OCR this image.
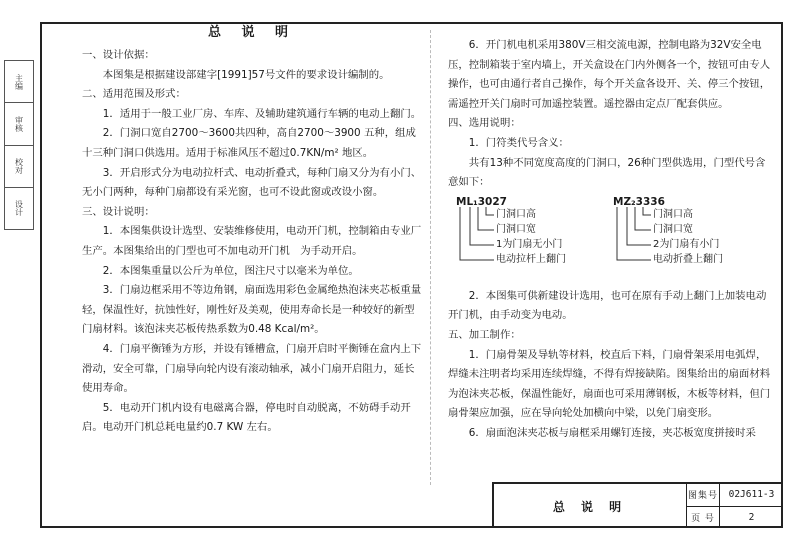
主编
审核
校对
设计
总 说 明

一、设计依据：

本图集是根据建设部建字[1991]57号文件的要求设计编制的。

二、适用范围及形式：

1．适用于一般工业厂房、车库、及辅助建筑通行车辆的电动上翻门。

2．门洞口宽自2700～3600共四种，高自2700～3900 五种，组成十三种门洞口供选用。适用于标准风压不超过0.7KN/m² 地区。

3．开启形式分为电动拉杆式、电动折叠式，每种门扇又分为有小门、无小门两种，每种门扇都设有采光窗，也可不设此窗或改设小窗。

三、设计说明：

1．本图集供设计选型、安装维修使用，电动开门机，控制箱由专业厂生产。本图集给出的门型也可不加电动开门机　为手动开启。

2．本图集重量以公斤为单位，图注尺寸以毫米为单位。

3．门扇边框采用不等边角钢，扇面选用彩色金属绝热泡沫夹芯板重量轻，保温性好，抗蚀性好，刚性好及美观，使用寿命长是一种较好的新型门扇材料。该泡沫夹芯板传热系数为0.48 Kcal/m²。

4．门扇平衡锤为方形，并设有锤槽盒，门扇开启时平衡锤在盒内上下滑动，安全可靠，门扇导向轮内设有滚动轴承，减小门扇开启阻力，延长使用寿命。

5．电动开门机内设有电磁离合器，停电时自动脱离，不妨碍手动开启。电动开门机总耗电量约0.7 KW 左右。

6．开门机电机采用380V三相交流电源，控制电路为32V安全电压，控制箱装于室内墙上，开关盒设在门内外侧各一个，按钮可由专人操作，也可由通行者自己操作，每个开关盒各设开、关、停三个按钮，需遥控开关门扇时可加遥控装置。遥控器由定点厂配套供应。

四、选用说明：

1．门符类代号含义：

共有13种不同宽度高度的门洞口，26种门型供选用，门型代号含意如下：

ML₁3027
门洞口高
门洞口宽
1为门扇无小门
电动拉杆上翻门
MZ₂3336
门洞口高
门洞口宽
2为门扇有小门
电动折叠上翻门

2．本图集可供新建设计选用，也可在原有手动上翻门上加装电动开门机，由手动变为电动。

五、加工制作：

1．门扇骨架及导轨等材料，校直后下料，门扇骨架采用电弧焊，焊缝未注明者均采用连续焊缝，不得有焊接缺陷。图集给出的扇面材料为泡沫夹芯板，保温性能好，扇面也可采用薄钢板，木板等材料，但门扇骨架应加强，应在导向轮处加横向中梁，以免门扇变形。

6．扇面泡沫夹芯板与扇框采用螺钉连接，夹芯板宽度拼接时采

总 说 明
图集号	02J611-3
页 号	2
